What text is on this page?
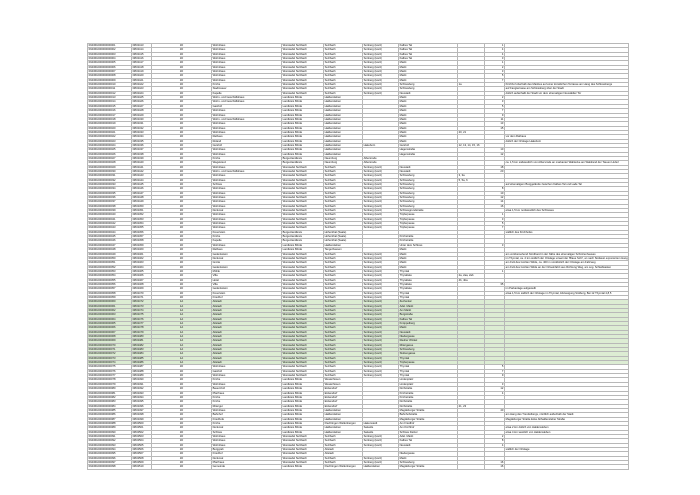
094361000000000001	D843413	1D	Wohnhaus	Wunsiedel Sulzbach	Sulzbach	Sonberg (Harz)	Kalbes Tal		1	
094361000000000002	D843414	1D	Wohnhaus	Wunsiedel Sulzbach	Sulzbach	Sonberg (Harz)	Kalbes Tal		4	
094361000000000003	D843415	1D	Wohnhaus	Wunsiedel Sulzbach	Sulzbach	Sonberg (Harz)	Kalbes Tal		4	
094361000000000004	D843416	1D	Wohnhaus	Wunsiedel Sulzbach	Sulzbach	Sonberg (Harz)	Kalbes Tal		3	
094361000000000005	D843417	1D	Wohnhaus	Wunsiedel Sulzbach	Sulzbach	Sonberg (Harz)	Markt		1	
094361000000000006	D843418	1D	Wohnhaus	Wunsiedel Sulzbach	Sulzbach	Sonberg (Harz)	Markt		2	
094361000000000007	D843419	1D	Wohnhaus	Wunsiedel Sulzbach	Sulzbach	Sonberg (Harz)	Markt		3	
094361000000000008	D843420	1D	Wohnhaus	Wunsiedel Sulzbach	Sulzbach	Sonberg (Harz)	Markt		5	
094361000000000009	D843421	1D	Wohnhaus	Wunsiedel Sulzbach	Sulzbach	Sonberg (Harz)	Markt		7	
094361000000000010	D843422	1D	Kirche	Wunsiedel Sulzbach	Sulzbach	Sonberg (Harz)	Schlossberg	1a		Kirchhof oberhalb des Marktes auf einer künstlichen Terrasse am Hang des Schlossbergs
094361000000000011	D843423	1D	Stadtmauer	Wunsiedel Sulzbach	Sulzbach	Sonberg (Harz)	Schlossberg			auf Fangterrasse am Schlossberg über der Stadt
094361000000000012	D843424	1D	Kapelle	Wunsiedel Sulzbach	Sulzbach	Sonberg (Harz)	Neustadt			östlich außerhalb der Stadt vor dem ehemaligen Neustädter Tor
094361000000000013	D843425	1D	Wohn- und Geschäftshaus	Landkreis Börde	Haldensleben		Markt		2	
094361000000000014	D843426	1D	Wohn- und Geschäftshaus	Landkreis Börde	Haldensleben		Markt		3	
094361000000000015	D843427	1D	Gasthof	Landkreis Börde	Haldensleben		Markt		5	
094361000000000016	D843428	1D	Wohnhaus	Landkreis Börde	Haldensleben		Markt		7	
094361000000000017	D843429	1D	Wohnhaus	Landkreis Börde	Haldensleben		Markt		9	
094361000000000018	D843430	1D	Wohn- und Geschäftshaus	Landkreis Börde	Haldensleben		Markt		11	
094361000000000019	D843431	1D	Wohnhaus	Landkreis Börde	Haldensleben		Markt		13	
094361000000000020	D843432	1D	Wohnhaus	Landkreis Börde	Haldensleben		Markt		15	
094361000000000021	D843433	1D	Wohnhaus	Landkreis Börde	Haldensleben		Markt	20, 21		
094361000000000022	D843434	1D	Rathaus	Landkreis Börde	Haldensleben		Markt			vor dem Rathaus
094361000000000023	D843435	1D	Roland	Landkreis Börde	Haldensleben		Markt			östlich der Ortslage Hakeborn
094361000000000024	D843436	1D	Gutshof	Landkreis Börde	Haldensleben	Hakeborn	Gutshof	12, 13, 14, 15, 16		
094361000000000025	D843437	1D	Wohnhaus	Landkreis Börde	Haldensleben		Hagenstraße		10	
094361000000000026	D843438	1D	Wohnhaus	Landkreis Börde	Haldensleben		Hagenstraße		12	
094361000000000027	D843439	1D	Kirche	Burgenlandkreis	Naumburg	Albersrode				
094361000000000028	D843440	1D	Wegekreuz	Burgenlandkreis	Naumburg	Albersrode				ca. 1,5 km südwestlich von Albersrode an markanter Wahlecke am Waldrand der 'Neuen Hufen'
094361000000000029	D843441	1D	Wohnhaus	Wunsiedel Sulzbach	Sulzbach	Sonberg (Harz)	Neustadt		18	
094361000000000030	D843442	1D	Wohn- und Geschäftshaus	Wunsiedel Sulzbach	Sulzbach	Sonberg (Harz)	Neustadt		20	
094361000000000031	D843443	1D	Wohnhaus	Wunsiedel Sulzbach	Sulzbach	Sonberg (Harz)	Schlossberg	3, 3a		
094361000000000032	D843444	1D	Wohnhaus	Wunsiedel Sulzbach	Sulzbach	Sonberg (Harz)	Schlossberg	5, 5a, 6		
094361000000000033	D843445	1D	Schloss	Wunsiedel Sulzbach	Sulzbach	Sonberg (Harz)	Schlossberg			auf ehemaligem Burggelände zwischen Kalbes Tal und Lade Tal
094361000000000034	D843446	1D	Wohnhaus	Wunsiedel Sulzbach	Sulzbach	Sonberg (Harz)	Schlossberg		8	
094361000000000035	D843447	1D	Wohnhaus	Wunsiedel Sulzbach	Sulzbach	Sonberg (Harz)	Schlossberg		10	
094361000000000036	D843448	1D	Wohnhaus	Wunsiedel Sulzbach	Sulzbach	Sonberg (Harz)	Schlossberg		12	
094361000000000037	D843449	1D	Wohnhaus	Wunsiedel Sulzbach	Sulzbach	Sonberg (Harz)	Schlossberg		14	
094361000000000038	D843450	1D	Wohnhaus	Wunsiedel Sulzbach	Sulzbach	Sonberg (Harz)	Schlossberg		16	
094361000000000039	D843451	1D	Denkmal	Wunsiedel Sulzbach	Sulzbach	Sonberg (Harz)	Schlossgrundstraße			etwa 1,5 km nordwestlich des Schlosses
094361000000000040	D843452	1D	Wohnhaus	Wunsiedel Sulzbach	Sulzbach	Sonberg (Harz)	Töpferpasse		1	
094361000000000041	D843453	1D	Wohnhaus	Wunsiedel Sulzbach	Sulzbach	Sonberg (Harz)	Töpferpasse		3	
094361000000000042	D843454	1D	Wohnhaus	Wunsiedel Sulzbach	Sulzbach	Sonberg (Harz)	Töpferpasse		5	
094361000000000043	D843455	1D	Wohnhaus	Wunsiedel Sulzbach	Sulzbach	Sonberg (Harz)	Töpferpasse		7	
094361000000000044	D843456	1D	Kreuzstein	Burgenlandkreis	Hohenthal (Saale)					südlich des Kirchhofes
094361000000000045	D843457	1D	Kirche	Burgenlandkreis	Hohenthal (Saale)		Kirchstraße			
094361000000000046	D843458	1D	Kapelle	Burgenlandkreis	Hohenthal (Saale)		Kirchstraße			
094361000000000047	D843459	1D	Wohnhaus	Landkreis Börde	Haldensleben		Unter dem Schloss		3	
094361000000000048	D843460	1D	Rathaus	Landkreis Börde	Tangerhausen		Markt			
094361000000000049	D843461	1D	Gedenkstein	Wunsiedel Sulzbach	Sulzbach	Sonberg (Harz)	Markt			am vorübersehend Nordhand in der Nähe des ehemaligen Schützenhauses
094361000000000050	D843462	1D	Denkmal	Wunsiedel Sulzbach	Sulzbach	Sonberg (Harz)	Markt			im Thymtal, ca. 2 km südlich der Ortslage unweit der 'Blaue Sohl', an nach Südwest exponiertem Hang
094361000000000051	D843463	1D	Grotte	Wunsiedel Sulzbach	Sulzbach	Sonberg (Harz)	Markt			am Fuß des Großen Wilde, ca. 400 m nordöstlich der Ortslage am Fahrweg
094361000000000052	D843464	1D	Gedenkstein	Wunsiedel Sulzbach	Sulzbach	Sonberg (Harz)	Markt			am Fuß des Großen Wilde an der Ortseinfahrt aus Richtung Weg, am sog. Schießkasten
094361000000000053	D843465	1D	Mühle	Wunsiedel Sulzbach	Sulzbach	Sonberg (Harz)	Thymtal		1	
094361000000000054	D843466	1D	Villa	Wunsiedel Sulzbach	Sulzbach	Sonberg (Harz)	Thyraliske	2a, 2aa, 2ab		
094361000000000055	D843467	1D	Hotel	Wunsiedel Sulzbach	Sulzbach	Sonberg (Harz)	Thyraliske	4b, 4ba		
094361000000000056	D843468	1D	Villa	Wunsiedel Sulzbach	Sulzbach	Sonberg (Harz)	Thyraliske		35	
094361000000000057	D843469	1D	Gedenkstein	Wunsiedel Sulzbach	Sulzbach	Sonberg (Harz)	Thyraliske			im Parkanlage aufgestellt
094361000000000058	D843470	1D	Kreuzstein	Wunsiedel Sulzbach	Sulzbach	Sonberg (Harz)	Thymtal			etwa 1,5 km südlich der Ortslage im Thymtal, Abzweigung Stolberg, Bei 12 Thymtal 4,8,5
094361000000000059	D843471	1D	Friedhof	Wunsiedel Sulzbach	Sulzbach	Sonberg (Harz)	Thymtal			
094361000000000060	D843472	1A	Altstadt	Wunsiedel Sulzbach	Sulzbach	Sonberg (Harz)	Zechental			
094361000000000061	D843473	1A	Altstadt	Wunsiedel Sulzbach	Sulzbach	Sonberg (Harz)	Adel. Markt			
094361000000000062	D843474	1A	Altstadt	Wunsiedel Sulzbach	Sulzbach	Sonberg (Harz)	Am Markt			
094361000000000063	D843475	1A	Altstadt	Wunsiedel Sulzbach	Sulzbach	Sonberg (Harz)	Burgstraße			
094361000000000064	D843476	1A	Altstadt	Wunsiedel Sulzbach	Sulzbach	Sonberg (Harz)	Kalbes Tal			
094361000000000065	D843477	1A	Altstadt	Wunsiedel Sulzbach	Sulzbach	Sonberg (Harz)	Knüppelberg			
094361000000000066	D843478	1A	Altstadt	Wunsiedel Sulzbach	Sulzbach	Sonberg (Harz)	Markt			
094361000000000067	D843479	1A	Altstadt	Wunsiedel Sulzbach	Sulzbach	Sonberg (Harz)	Neustadt			
094361000000000068	D843480	1A	Altstadt	Wunsiedel Sulzbach	Sulzbach	Sonberg (Harz)	Niedergasse			
094361000000000069	D843481	1A	Altstadt	Wunsiedel Sulzbach	Sulzbach	Sonberg (Harz)	Rauher Winkel			
094361000000000070	D843482	1A	Altstadt	Wunsiedel Sulzbach	Sulzbach	Sonberg (Harz)	Rittergasse			
094361000000000071	D843483	1A	Altstadt	Wunsiedel Sulzbach	Sulzbach	Sonberg (Harz)	Schlossberg			
094361000000000072	D843484	1A	Altstadt	Wunsiedel Sulzbach	Sulzbach	Sonberg (Harz)	Stubengasse			
094361000000000073	D843485	1A	Altstadt	Wunsiedel Sulzbach	Sulzbach	Sonberg (Harz)	Thymtal			
094361000000000074	D843486	1A	Altstadt	Wunsiedel Sulzbach	Sulzbach	Sonberg (Harz)	Töpferpasse			
094361000000000075	D843487	1D	Wohnhaus	Wunsiedel Sulzbach	Sulzbach	Sonberg (Harz)	Thymtal		5	
094361000000000076	D843488	1D	Gasthof	Wunsiedel Sulzbach	Sulzbach	Sonberg (Harz)	Thymtal		7	
094361000000000077	D843489	1D	Wohnhaus	Wunsiedel Sulzbach	Sulzbach	Sonberg (Harz)	Thymtal		9	
094361000000000078	D843490	1D	Kirche	Landkreis Börde	Westerhüsen		Lindenplatz			
094361000000000079	D843491	1D	Wohnhaus	Landkreis Börde	Westerhüsen		Lindenplatz		3	
094361000000000080	D843492	1D	Bauernhof	Landkreis Börde	Eickendorf		Dorfstraße		12	
094361000000000081	D843493	1D	Pfarrhaus	Landkreis Börde	Eickendorf		Kirchstraße		4	
094361000000000082	D843494	1D	Kirche	Landkreis Börde	Eickendorf		Kirchstraße			
094361000000000083	D843495	1D	Kirche	Landkreis Börde	Eickendorf		Dorfstraße			
094361000000000084	D843496	1D	Rittergut	Landkreis Börde	Eickendorf		Dorfstraße	21, 23		
094361000000000085	D843497	1D	Wohnhaus	Landkreis Börde	Haldensleben		Magdeburger Straße		40	
094361000000000086	D843498	1D	Bahnhof	Landkreis Börde	Haldensleben		Bahnhofstraße			am Hang des Trendelbergs, nördlich außerhalb der Stadt
094361000000000087	D843499	1D	Friedhofe	Landkreis Börde	Haldensleben		Magdeburger Straße			Magdeburger Straße Ecke Althaldensleber Straße
094361000000000088	D843500	1D	Kirche	Landkreis Börde	Flechtingen Wellenbergen	Hakenstedt	Am Friedhof			
094361000000000089	D843501	1D	Denkmal	Landkreis Börde	Haldensleben	Satuelle	Am Kirchhof			etwa 2 km östlich von Haldensleben
094361000000000090	D843502	1D	Schloss	Landkreis Börde	Haldensleben	Satuelle	Schloss Detzel			etwa 4 km westlich von Haldensleben
094361000000000091	D843503	1D	Wohnhaus	Wunsiedel Sulzbach	Sulzbach	Sonberg (Harz)	Adel. Markt		2	
094361000000000092	D843504	1D	Wohnhaus	Wunsiedel Sulzbach	Sulzbach	Sonberg (Harz)	Kalbes Tal		8	
094361000000000093	D843505	1D	Wohnhaus	Wunsiedel Sulzbach	Sulzbach	Sonberg (Harz)	Neustadt		4	
094361000000000094	D843506	1D	Burggrab	Wunsiedel Sulzbach	Altstadt					südlich der Ortslage
094361000000000095	D843507	1D	Friedhof	Wunsiedel Sulzbach	Altstadt		Niedergasse			
094361000000000096	D843508	1D	Denkmal	Wunsiedel Sulzbach	Sulzbach	Sonberg (Harz)	Markt			
094361000000000097	D843509	1D	Pfarrhaus	Wunsiedel Sulzbach	Sulzbach	Sonberg (Harz)	Schlossberg		16	
094361000000000098	D843510	1D	Gemeinde	Landkreis Börde	Flechtingen Wellenbergen	Haldensleben	Magdeburger Straße		16	
